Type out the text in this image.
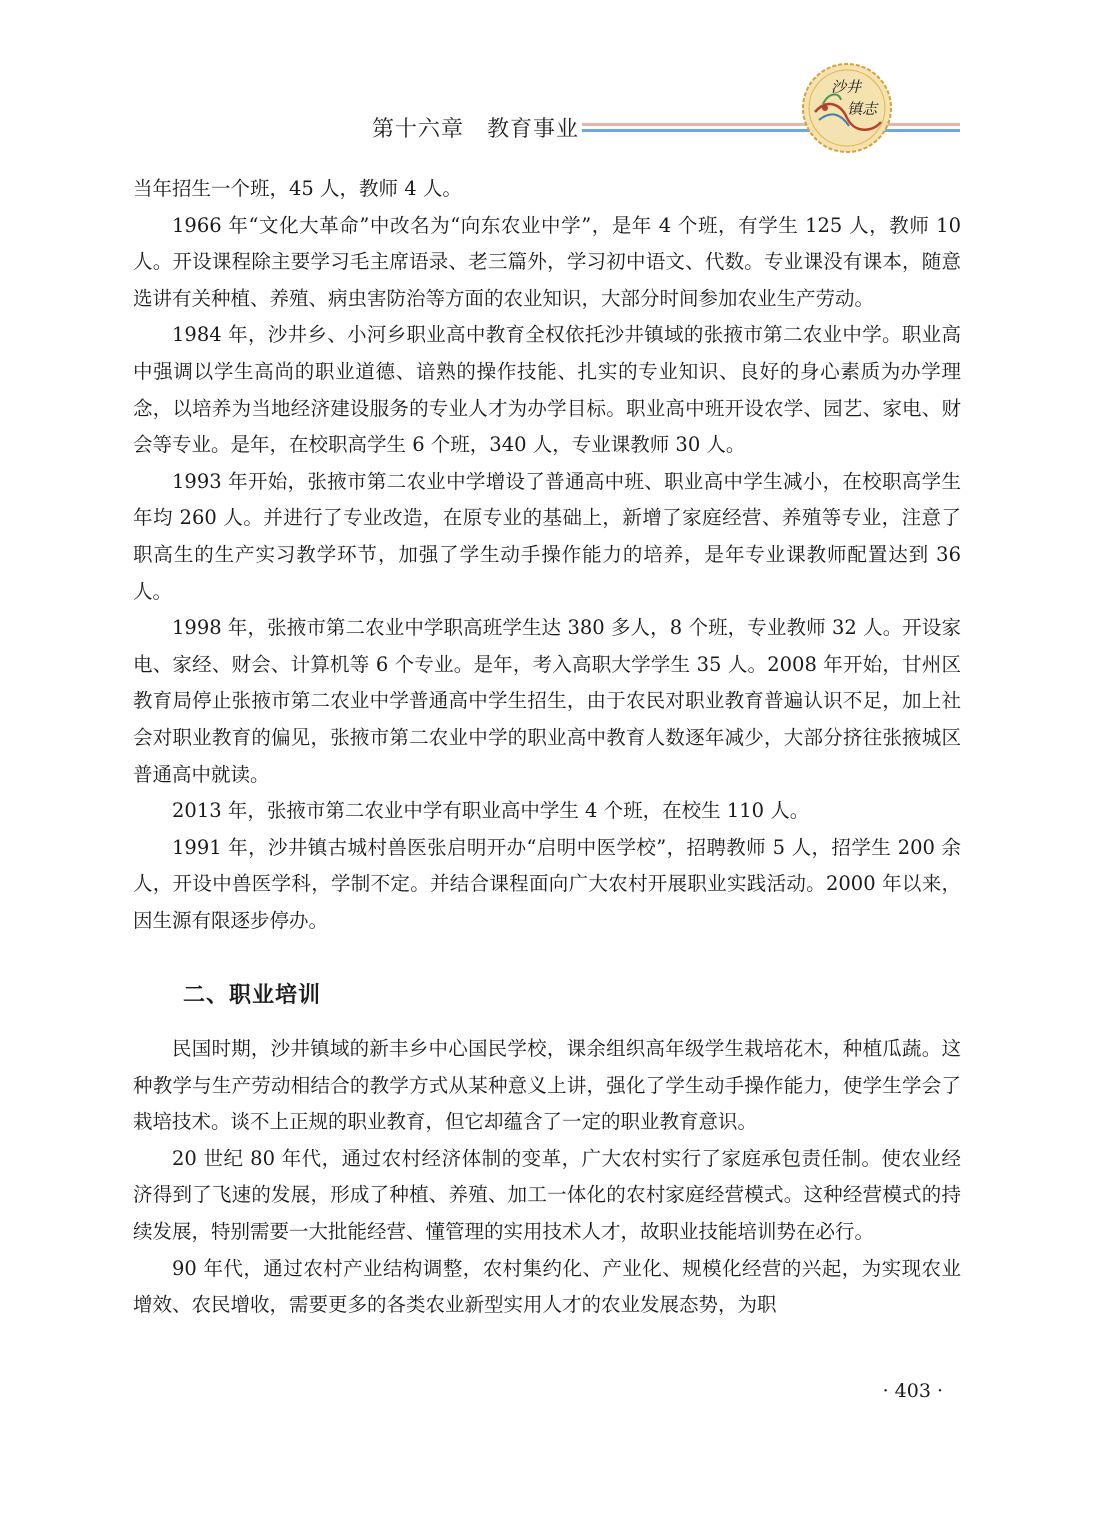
第十六章　教育事业
沙井
镇志

当年招生一个班，45 人，教师 4 人。

1966 年“文化大革命”中改名为“向东农业中学”，是年 4 个班，有学生 125 人，教师 10 人。开设课程除主要学习毛主席语录、老三篇外，学习初中语文、代数。专业课没有课本，随意选讲有关种植、养殖、病虫害防治等方面的农业知识，大部分时间参加农业生产劳动。

1984 年，沙井乡、小河乡职业高中教育全权依托沙井镇域的张掖市第二农业中学。职业高中强调以学生高尚的职业道德、谙熟的操作技能、扎实的专业知识、良好的身心素质为办学理念，以培养为当地经济建设服务的专业人才为办学目标。职业高中班开设农学、园艺、家电、财会等专业。是年，在校职高学生 6 个班，340 人，专业课教师 30 人。

1993 年开始，张掖市第二农业中学增设了普通高中班、职业高中学生减小，在校职高学生年均 260 人。并进行了专业改造，在原专业的基础上，新增了家庭经营、养殖等专业，注意了职高生的生产实习教学环节，加强了学生动手操作能力的培养，是年专业课教师配置达到 36 人。

1998 年，张掖市第二农业中学职高班学生达 380 多人，8 个班，专业教师 32 人。开设家电、家经、财会、计算机等 6 个专业。是年，考入高职大学学生 35 人。2008 年开始，甘州区教育局停止张掖市第二农业中学普通高中学生招生，由于农民对职业教育普遍认识不足，加上社会对职业教育的偏见，张掖市第二农业中学的职业高中教育人数逐年减少，大部分挤往张掖城区普通高中就读。

2013 年，张掖市第二农业中学有职业高中学生 4 个班，在校生 110 人。

1991 年，沙井镇古城村兽医张启明开办“启明中医学校”，招聘教师 5 人，招学生 200 余人，开设中兽医学科，学制不定。并结合课程面向广大农村开展职业实践活动。2000 年以来，因生源有限逐步停办。

二、职业培训

民国时期，沙井镇域的新丰乡中心国民学校，课余组织高年级学生栽培花木，种植瓜蔬。这种教学与生产劳动相结合的教学方式从某种意义上讲，强化了学生动手操作能力，使学生学会了栽培技术。谈不上正规的职业教育，但它却蕴含了一定的职业教育意识。

20 世纪 80 年代，通过农村经济体制的变革，广大农村实行了家庭承包责任制。使农业经济得到了飞速的发展，形成了种植、养殖、加工一体化的农村家庭经营模式。这种经营模式的持续发展，特别需要一大批能经营、懂管理的实用技术人才，故职业技能培训势在必行。

90 年代，通过农村产业结构调整，农村集约化、产业化、规模化经营的兴起，为实现农业增效、农民增收，需要更多的各类农业新型实用人才的农业发展态势，为职

· 403 ·
